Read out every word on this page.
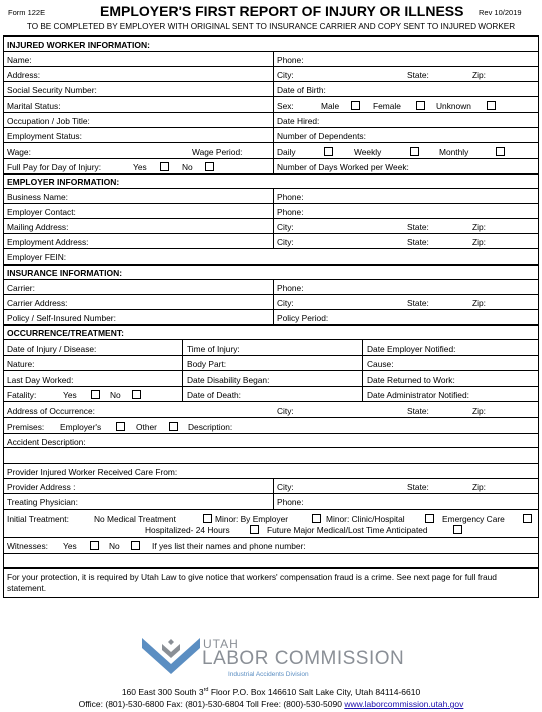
Form 122E	EMPLOYER'S FIRST REPORT OF INJURY OR ILLNESS Rev 10/2019
TO BE COMPLETED BY EMPLOYER WITH ORIGINAL SENT TO INSURANCE CARRIER AND COPY SENT TO INJURED WORKER
INJURED WORKER INFORMATION:
Name:	Phone:
Address:	City:	State:	Zip:
Social Security Number:	Date of Birth:
Marital Status:	Sex:	Male	Female	Unknown
Occupation / Job Title:	Date Hired:
Employment Status:	Number of Dependents:
Wage:	Wage Period:	Daily	Weekly	Monthly
Full Pay for Day of Injury:	Yes	No	Number of Days Worked per Week:
EMPLOYER INFORMATION:
Business Name:	Phone:
Employer Contact:	Phone:
Mailing Address:	City:	State:	Zip:
Employment Address:	City:	State:	Zip:
Employer FEIN:
INSURANCE INFORMATION:
Carrier:	Phone:
Carrier Address:	City:	State:	Zip:
Policy / Self-Insured Number:	Policy Period:
OCCURRENCE/TREATMENT:
Date of Injury / Disease:	Time of Injury:	Date Employer Notified:
Nature:	Body Part:	Cause:
Last Day Worked:	Date Disability Began:	Date Returned to Work:
Fatality:	Yes	No	Date of Death:	Date Administrator Notified:
Address of Occurrence:	City:	State:	Zip:
Premises: Employer's	Other	Description:
Accident Description:
Provider Injured Worker Received Care From:
Provider Address :	City:	State:	Zip:
Treating Physician:	Phone:
Initial Treatment:	No Medical Treatment	Minor: By Employer	Minor: Clinic/Hospital	Emergency Care
Hospitalized- 24 Hours	Future Major Medical/Lost Time Anticipated
Witnesses: Yes	No	If yes list their names and phone number:
For your protection, it is required by Utah Law to give notice that workers' compensation fraud is a crime. See next page for full fraud statement.
UTAH
LABOR COMMISSION
Industrial Accidents Division
160 East 300 South 3rd Floor P.O. Box 146610 Salt Lake City, Utah 84114-6610
Office: (801)-530-6800 Fax: (801)-530-6804 Toll Free: (800)-530-5090 www.laborcommission.utah.gov
